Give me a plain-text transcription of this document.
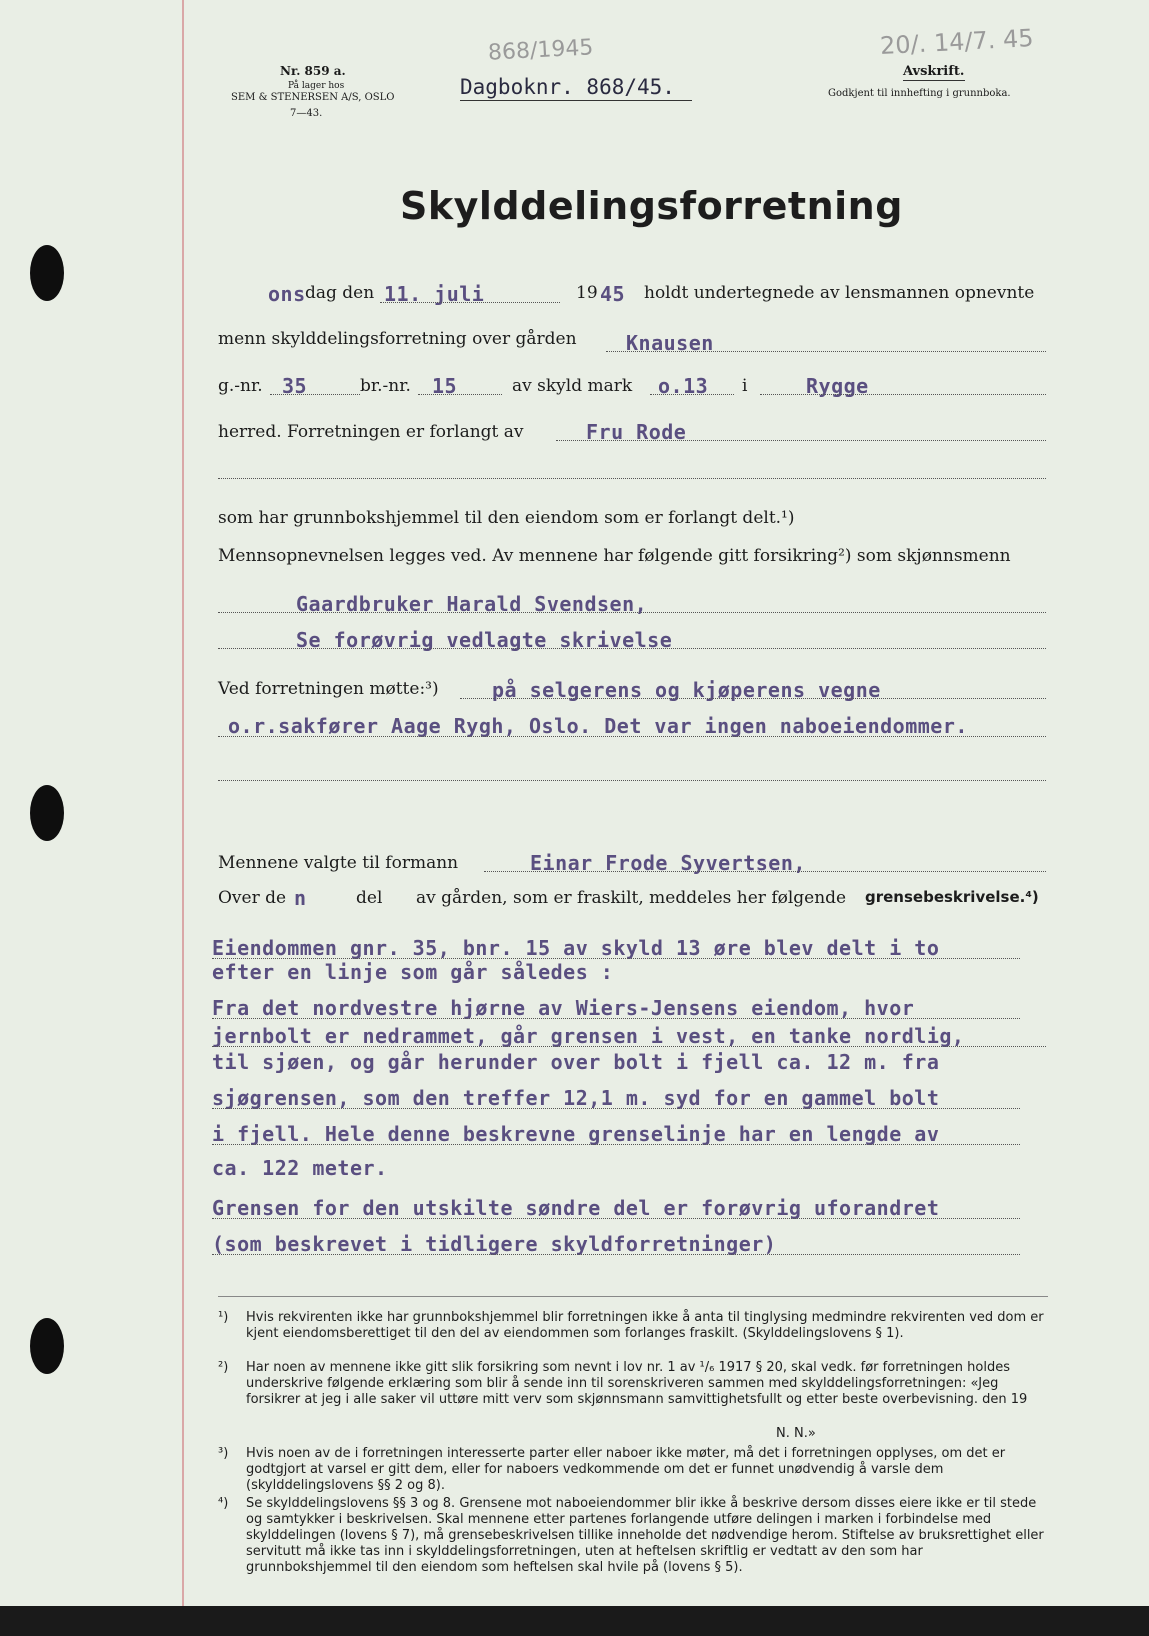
Nr. 859 a.
På lager hos
SEM & STENERSEN A/S, OSLO
7—43.
Dagboknr. 868/45.
868/1945	20/. 14/7. 45
Avskrift.
Godkjent til innhefting i grunnboka.
Skylddelingsforretning
ons dag den 11. juli	19 45 holdt undertegnede av lensmannen opnevnte
menn skylddelingsforretning over gården Knausen
g.-nr. 35	br.-nr. 15	av skyld mark o.13 i	Rygge
herred. Forretningen er forlangt av	Fru Rode
som har grunnbokshjemmel til den eiendom som er forlangt delt.¹)
Mennsopnevnelsen legges ved. Av mennene har følgende gitt forsikring²) som skjønnsmenn
Gaardbruker Harald Svendsen,
Se forøvrig vedlagte skrivelse
Ved forretningen møtte:³)	på selgerens og kjøperens vegne
o.r.sakfører Aage Rygh, Oslo. Det var ingen naboeiendommer.
Mennene valgte til formann	Einar Frode Syvertsen,
Over de n	del av gården, som er fraskilt, meddeles her følgende grensebeskrivelse.⁴)
Eiendommen gnr. 35, bnr. 15 av skyld 13 øre blev delt i to
efter en linje som går således :
Fra det nordvestre hjørne av Wiers-Jensens eiendom, hvor
jernbolt er nedrammet, går grensen i vest, en tanke nordlig,
til sjøen, og går herunder over bolt i fjell ca. 12 m. fra
sjøgrensen, som den treffer 12,1 m. syd for en gammel bolt
i fjell. Hele denne beskrevne grenselinje har en lengde av
ca. 122 meter.
Grensen for den utskilte søndre del er forøvrig uforandret
(som beskrevet i tidligere skyldforretninger)
¹) Hvis rekvirenten ikke har grunnbokshjemmel blir forretningen ikke å anta til tinglysing medmindre rekvirenten ved dom er kjent eiendomsberettiget til den del av eiendommen som forlanges fraskilt. (Skylddelingslovens § 1).
²) Har noen av mennene ikke gitt slik forsikring som nevnt i lov nr. 1 av ¹/₆ 1917 § 20, skal vedk. før forretningen holdes underskrive følgende erklæring som blir å sende inn til sorenskriveren sammen med skylddelingsforretningen: «Jeg forsikrer at jeg i alle saker vil uttøre mitt verv som skjønnsmann samvittighetsfullt og etter beste overbevisning. den 19
N. N.»
³) Hvis noen av de i forretningen interesserte parter eller naboer ikke møter, må det i forretningen opplyses, om det er godtgjort at varsel er gitt dem, eller for naboers vedkommende om det er funnet unødvendig å varsle dem (skylddelingslovens §§ 2 og 8).
⁴) Se skylddelingslovens §§ 3 og 8. Grensene mot naboeiendommer blir ikke å beskrive dersom disses eiere ikke er til stede og samtykker i beskrivelsen. Skal mennene etter partenes forlangende utføre delingen i marken i forbindelse med skylddelingen (lovens § 7), må grensebeskrivelsen tillike inneholde det nødvendige herom. Stiftelse av bruksrettighet eller servitutt må ikke tas inn i skylddelingsforretningen, uten at heftelsen skriftlig er vedtatt av den som har grunnbokshjemmel til den eiendom som heftelsen skal hvile på (lovens § 5).
